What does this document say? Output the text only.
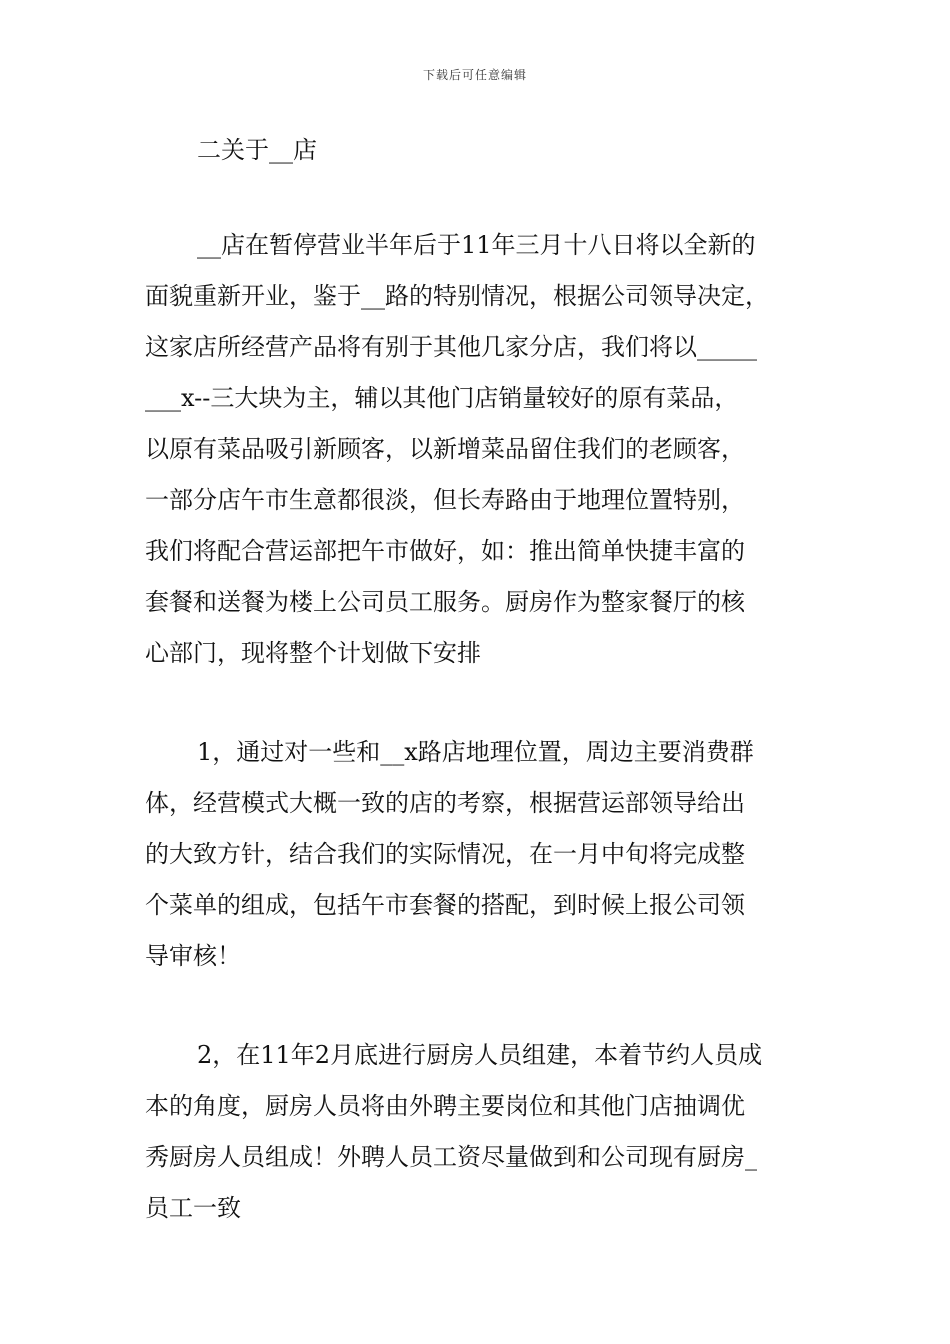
下载后可任意编辑
二关于__店
__店在暂停营业半年后于11年三月十八日将以全新的
面貌重新开业，鉴于__路的特别情况，根据公司领导决定，
这家店所经营产品将有别于其他几家分店，我们将以_____
___x--三大块为主，辅以其他门店销量较好的原有菜品，
以原有菜品吸引新顾客，以新增菜品留住我们的老顾客，
一部分店午市生意都很淡，但长寿路由于地理位置特别，
我们将配合营运部把午市做好，如：推出简单快捷丰富的
套餐和送餐为楼上公司员工服务。厨房作为整家餐厅的核
心部门，现将整个计划做下安排
1，通过对一些和__x路店地理位置，周边主要消费群
体，经营模式大概一致的店的考察，根据营运部领导给出
的大致方针，结合我们的实际情况，在一月中旬将完成整
个菜单的组成，包括午市套餐的搭配，到时候上报公司领
导审核！
2，在11年2月底进行厨房人员组建，本着节约人员成
本的角度，厨房人员将由外聘主要岗位和其他门店抽调优
秀厨房人员组成！外聘人员工资尽量做到和公司现有厨房_
员工一致
